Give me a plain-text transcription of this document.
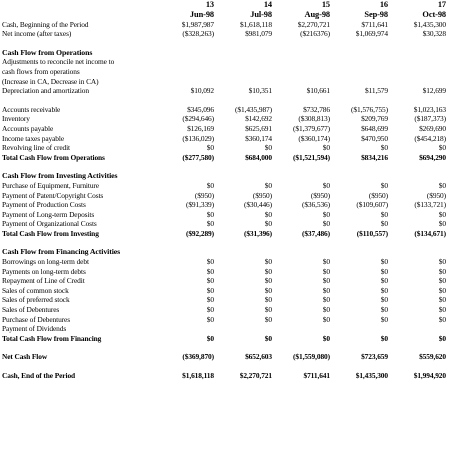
	13	14	15	16	17
	Jun-98	Jul-98	Aug-98	Sep-98	Oct-98
Cash, Beginning of the Period	$1,987,987	$1,618,118	$2,270,721	$711,641	$1,435,300
Net income (after taxes)	($328,263)	$981,079	($216376)	$1,069,974	$30,328

Cash Flow from Operations					
Adjustments to reconcile net income to					
cash flows from operations					
(Increase in CA, Decrease in CA)					
Depreciation and amortization	$10,092	$10,351	$10,661	$11,579	$12,699

Accounts receivable	$345,096	($1,435,987)	$732,786	($1,576,755)	$1,023,163
Inventory	($294,646)	$142,692	($308,813)	$209,769	($187,373)
Accounts payable	$126,169	$625,691	($1,379,677)	$648,699	$269,690
Income taxes payable	($136,029)	$360,174	($360,174)	$470,950	($454,218)
Revolving line of credit	$0	$0	$0	$0	$0
Total Cash Flow from Operations	($277,580)	$684,000	($1,521,594)	$834,216	$694,290

Cash Flow from Investing Activities					
Purchase of Equipment, Furniture	$0	$0	$0	$0	$0
Payment of Patent/Copyright Costs	($950)	($950)	($950)	($950)	($950)
Payment of Production Costs	($91,339)	($30,446)	($36,536)	($109,607)	($133,721)
Payment of Long-term Deposits	$0	$0	$0	$0	$0
Payment of Organizational Costs	$0	$0	$0	$0	$0
Total Cash Flow from Investing	($92,289)	($31,396)	($37,486)	($110,557)	($134,671)

Cash Flow from Financing Activities					
Borrowings on long-term debt	$0	$0	$0	$0	$0
Payments on long-term debts	$0	$0	$0	$0	$0
Repayment of Line of Credit	$0	$0	$0	$0	$0
Sales of common stock	$0	$0	$0	$0	$0
Sales of preferred stock	$0	$0	$0	$0	$0
Sales of Debentures	$0	$0	$0	$0	$0
Purchase of Debentures	$0	$0	$0	$0	$0
Payment of Dividends					
Total Cash Flow from Financing	$0	$0	$0	$0	$0

Net Cash Flow	($369,870)	$652,603	($1,559,080)	$723,659	$559,620

Cash, End of the Period	$1,618,118	$2,270,721	$711,641	$1,435,300	$1,994,920
